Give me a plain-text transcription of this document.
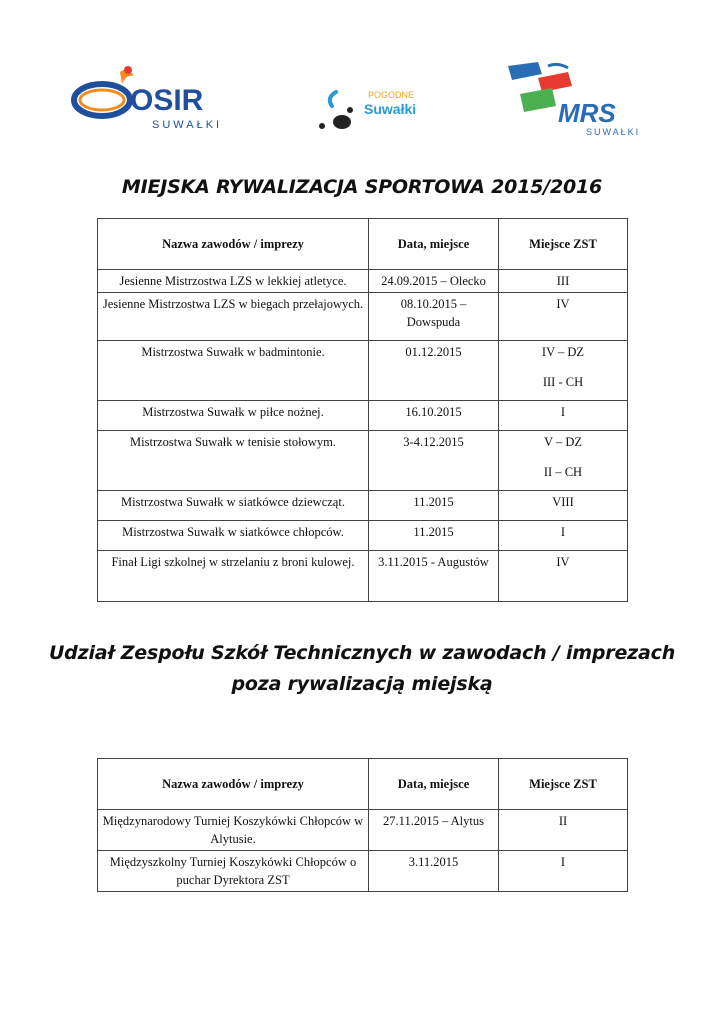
OSIR
SUWAŁKI
POGODNE
Suwałki	MRS
SUWAŁKI
MIEJSKA RYWALIZACJA SPORTOWA 2015/2016
Nazwa zawodów / imprezy	Data, miejsce	Miejsce ZST
Jesienne Mistrzostwa LZS w lekkiej atletyce.	24.09.2015 – Olecko	III
Jesienne Mistrzostwa LZS w biegach przełajowych.	08.10.2015 – Dowspuda	IV
Mistrzostwa Suwałk w badmintonie.	01.12.2015	IV – DZ
III - CH

Mistrzostwa Suwałk w piłce nożnej.	16.10.2015	I
Mistrzostwa Suwałk w tenisie stołowym.	3-4.12.2015	V – DZ
II – CH

Mistrzostwa Suwałk w siatkówce dziewcząt.	11.2015	VIII
Mistrzostwa Suwałk w siatkówce chłopców.	11.2015	I
Finał Ligi szkolnej w strzelaniu z broni kulowej.	3.11.2015 - Augustów	IV
Udział Zespołu Szkół Technicznych w zawodach / imprezach
poza rywalizacją miejską
Nazwa zawodów / imprezy	Data, miejsce	Miejsce ZST
Międzynarodowy Turniej Koszykówki Chłopców w Alytusie.	27.11.2015 – Alytus	II
Międzyszkolny Turniej Koszykówki Chłopców o puchar Dyrektora ZST	3.11.2015	I
